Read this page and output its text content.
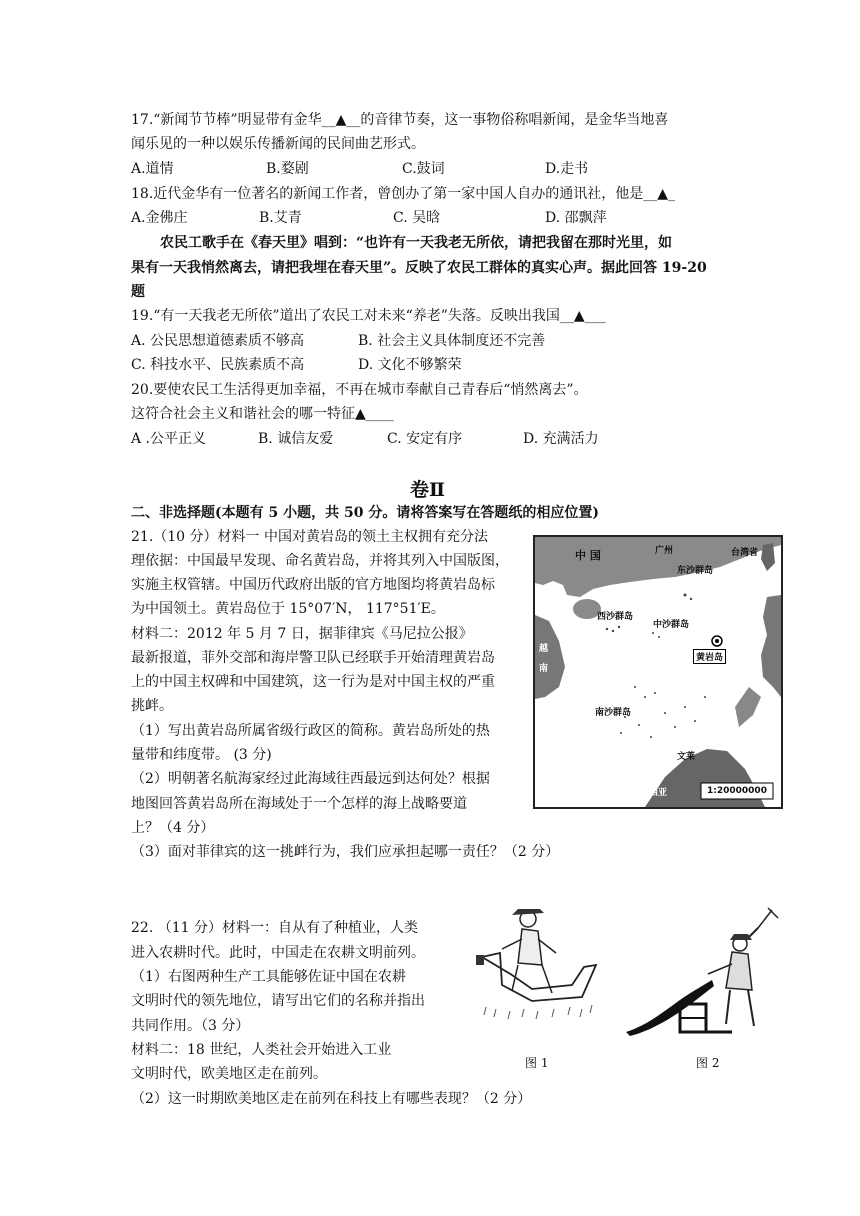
17.“新闻节节棒”明显带有金华__▲__的音律节奏，这一事物俗称唱新闻，是金华当地喜
闻乐见的一种以娱乐传播新闻的民间曲艺形式。
A.道情	B.婺剧	C.鼓词	D.走书
18.近代金华有一位著名的新闻工作者，曾创办了第一家中国人自办的通讯社，他是__▲_
A.金佛庄	B.艾青	C. 吴晗	D. 邵飘萍
农民工歌手在《春天里》唱到：“也许有一天我老无所依，请把我留在那时光里，如
果有一天我悄然离去，请把我埋在春天里”。反映了农民工群体的真实心声。据此回答 19-20
题
19.“有一天我老无所依”道出了农民工对未来“养老”失落。反映出我国__▲___
A. 公民思想道德素质不够高	B. 社会主义具体制度还不完善
C. 科技水平、民族素质不高	D. 文化不够繁荣
20.要使农民工生活得更加幸福，不再在城市奉献自己青春后“悄然离去”。
这符合社会主义和谐社会的哪一特征▲____
A .公平正义	B. 诚信友爱	C. 安定有序	D. 充满活力
卷Ⅱ
二、非选择题(本题有 5 小题，共 50 分。请将答案写在答题纸的相应位置)
21.（10 分）材料一 中国对黄岩岛的领土主权拥有充分法
理依据：中国最早发现、命名黄岩岛，并将其列入中国版图，
实施主权管辖。中国历代政府出版的官方地图均将黄岩岛标
为中国领土。黄岩岛位于 15°07′N， 117°51′E。
材料二：2012 年 5 月 7 日，据菲律宾《马尼拉公报》
最新报道，菲外交部和海岸警卫队已经联手开始清理黄岩岛
上的中国主权碑和中国建筑，这一行为是对中国主权的严重
挑衅。
（1）写出黄岩岛所属省级行政区的简称。黄岩岛所处的热
量带和纬度带。 (3 分)
（2）明朝著名航海家经过此海域往西最远到达何处？根据
地图回答黄岩岛所在海域处于一个怎样的海上战略要道
上？（4 分）
（3）面对菲律宾的这一挑衅行为，我们应承担起哪一责任？（2 分）
中 国	广州	台湾省
东沙群岛
西沙群岛
中沙群岛
黄岩岛
越
南
南沙群岛
文莱
马来西亚	1:20000000
22. （11 分）材料一：自从有了种植业，人类
进入农耕时代。此时，中国走在农耕文明前列。
（1）右图两种生产工具能够佐证中国在农耕
文明时代的领先地位，请写出它们的名称并指出
共同作用。（3 分）
材料二：18 世纪，人类社会开始进入工业
文明时代，欧美地区走在前列。
（2）这一时期欧美地区走在前列在科技上有哪些表现？（2 分）
图 1	图 2
